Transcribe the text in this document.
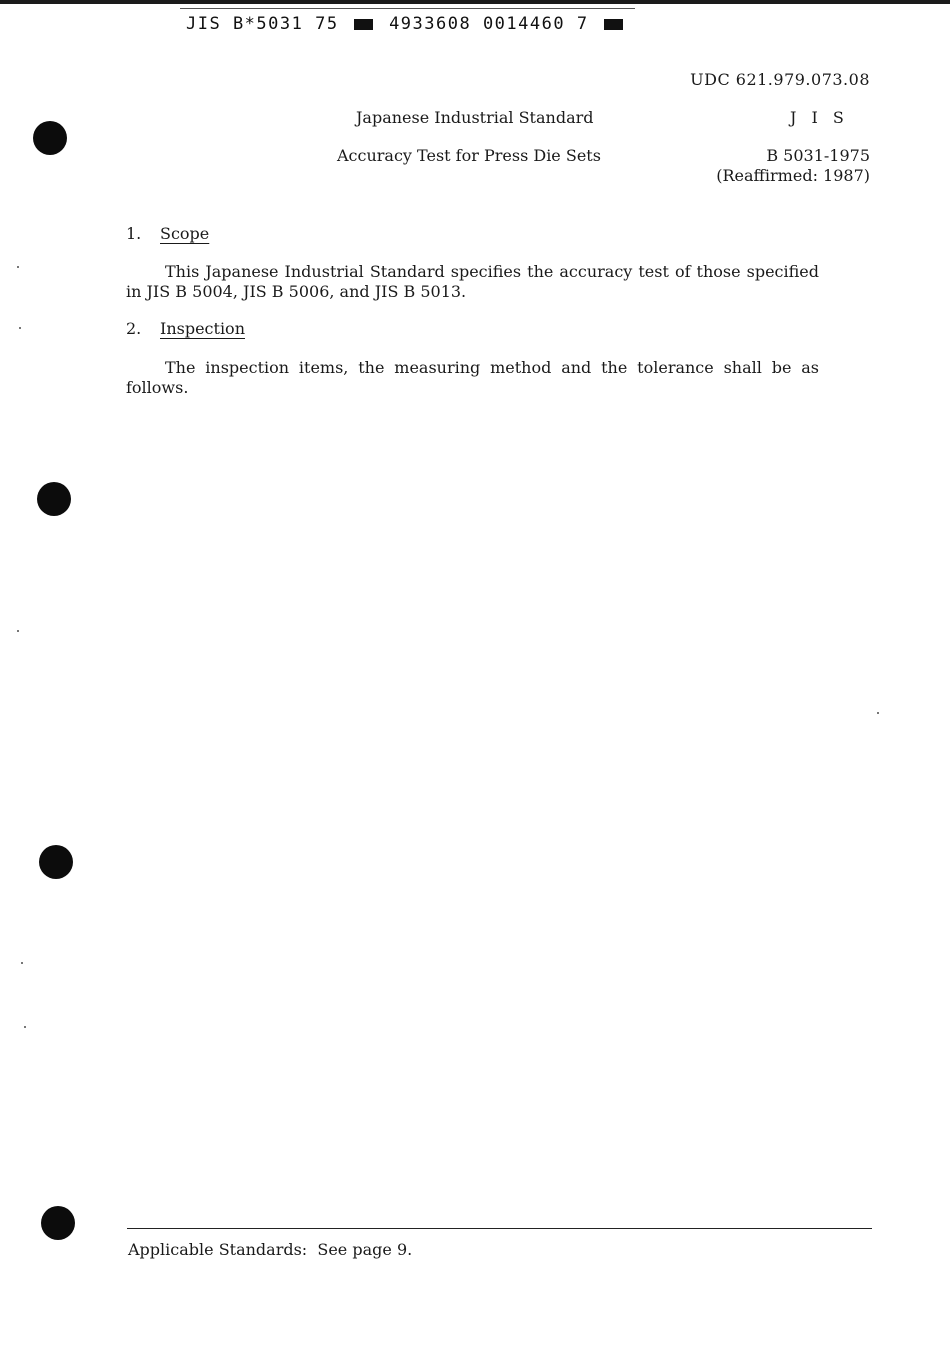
JIS B*5031 75	4933608 0014460 7
UDC 621.979.073.08
Japanese Industrial Standard	J I S
Accuracy Test for Press Die Sets	B 5031-1975
(Reaffirmed: 1987)
1. Scope
This Japanese Industrial Standard specifies the accuracy test of those specified in JIS B 5004, JIS B 5006, and JIS B 5013.
2. Inspection
The inspection items, the measuring method and the tolerance shall be as follows.
Applicable Standards: See page 9.
